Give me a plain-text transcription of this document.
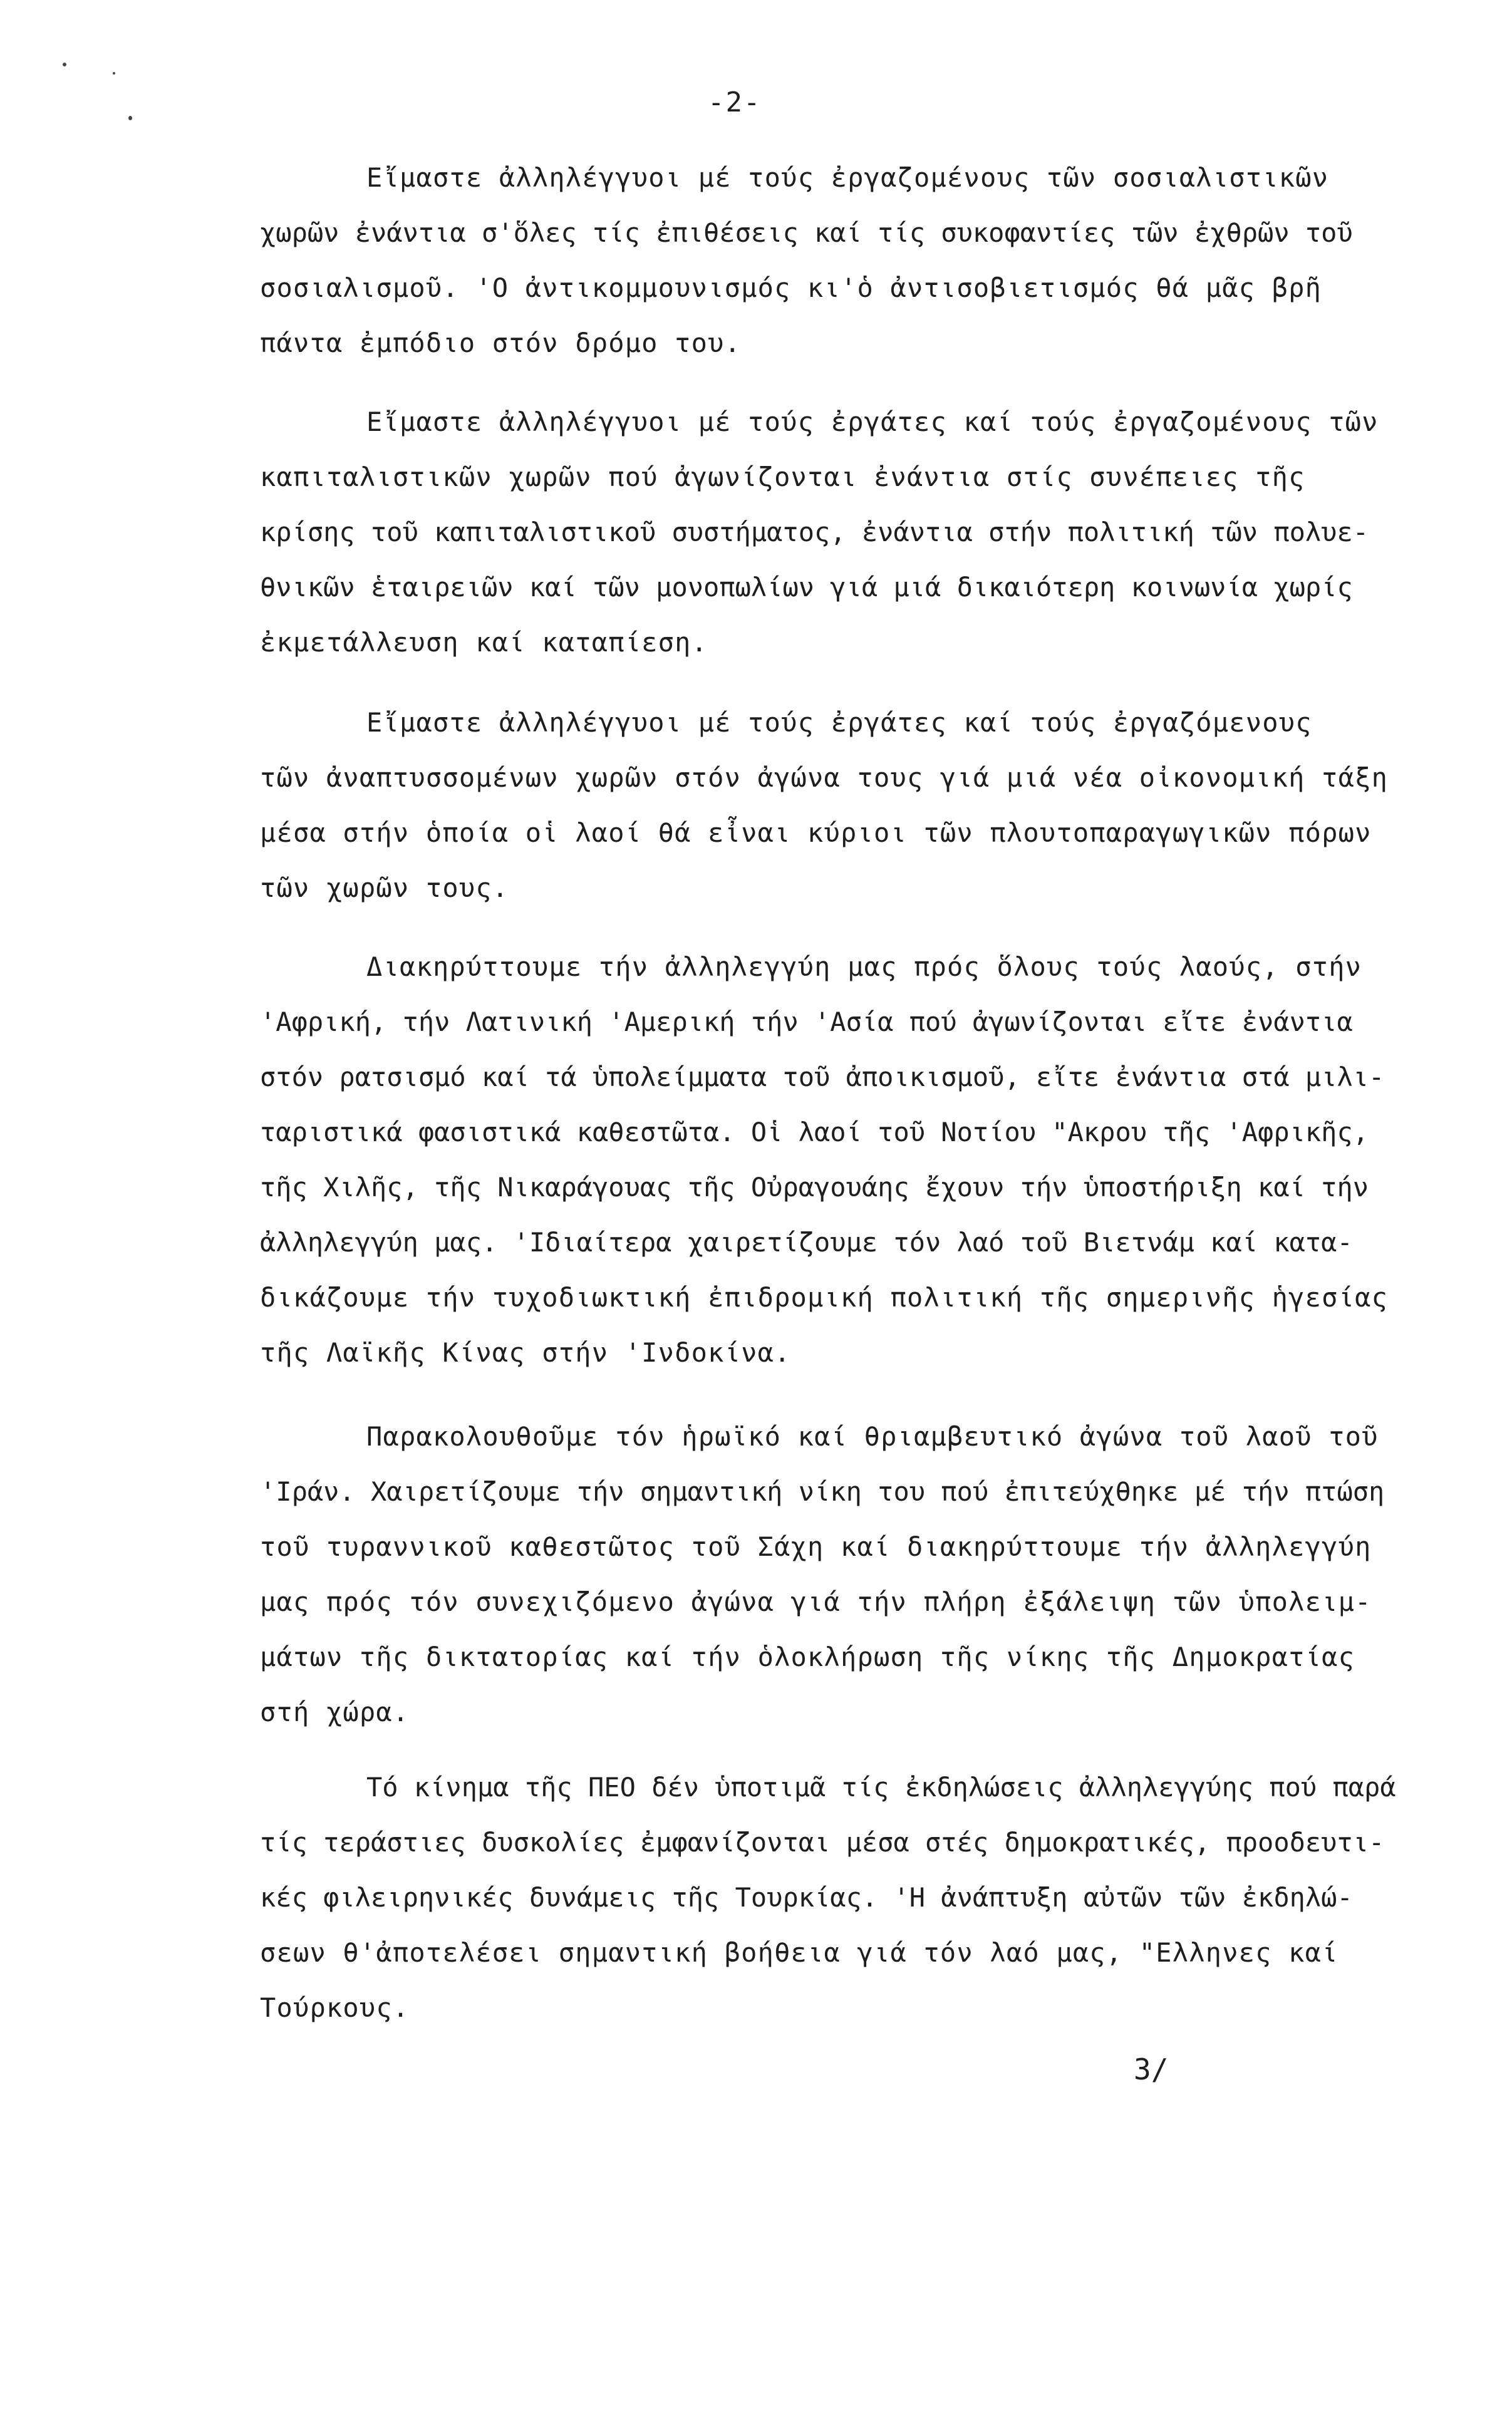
-2-
Εἴμαστε ἀλληλέγγυοι μέ τούς ἐργαζομένους τῶν σοσιαλιστικῶν
χωρῶν ἐνάντια σ'ὅλες τίς ἐπιθέσεις καί τίς συκοφαντίες τῶν ἐχθρῶν τοῦ
σοσιαλισμοῦ. 'Ο ἀντικομμουνισμός κι'ὁ ἀντισοβιετισμός θά μᾶς βρῆ
πάντα ἐμπόδιο στόν δρόμο του.
Εἴμαστε ἀλληλέγγυοι μέ τούς ἐργάτες καί τούς ἐργαζομένους τῶν
καπιταλιστικῶν χωρῶν πού ἀγωνίζονται ἐνάντια στίς συνέπειες τῆς
κρίσης τοῦ καπιταλιστικοῦ συστήματος, ἐνάντια στήν πολιτική τῶν πολυε-
θνικῶν ἑταιρειῶν καί τῶν μονοπωλίων γιά μιά δικαιότερη κοινωνία χωρίς
ἐκμετάλλευση καί καταπίεση.
Εἴμαστε ἀλληλέγγυοι μέ τούς ἐργάτες καί τούς ἐργαζόμενους
τῶν ἀναπτυσσομένων χωρῶν στόν ἀγώνα τους γιά μιά νέα οἰκονομική τάξη
μέσα στήν ὁποία οἱ λαοί θά εἶναι κύριοι τῶν πλουτοπαραγωγικῶν πόρων
τῶν χωρῶν τους.
Διακηρύττουμε τήν ἀλληλεγγύη μας πρός ὅλους τούς λαούς, στήν
'Αφρική, τήν Λατινική 'Αμερική τήν 'Ασία πού ἀγωνίζονται εἴτε ἐνάντια
στόν ρατσισμό καί τά ὑπολείμματα τοῦ ἀποικισμοῦ, εἴτε ἐνάντια στά μιλι-
ταριστικά φασιστικά καθεστῶτα. Οἱ λαοί τοῦ Νοτίου "Ακρου τῆς 'Αφρικῆς,
τῆς Χιλῆς, τῆς Νικαράγουας τῆς Οὐραγουάης ἔχουν τήν ὑποστήριξη καί τήν
ἀλληλεγγύη μας. 'Ιδιαίτερα χαιρετίζουμε τόν λαό τοῦ Βιετνάμ καί κατα-
δικάζουμε τήν τυχοδιωκτική ἐπιδρομική πολιτική τῆς σημερινῆς ἡγεσίας
τῆς Λαϊκῆς Κίνας στήν 'Ινδοκίνα.
Παρακολουθοῦμε τόν ἡρωϊκό καί θριαμβευτικό ἀγώνα τοῦ λαοῦ τοῦ
'Ιράν. Χαιρετίζουμε τήν σημαντική νίκη του πού ἐπιτεύχθηκε μέ τήν πτώση
τοῦ τυραννικοῦ καθεστῶτος τοῦ Σάχη καί διακηρύττουμε τήν ἀλληλεγγύη
μας πρός τόν συνεχιζόμενο ἀγώνα γιά τήν πλήρη ἐξάλειψη τῶν ὑπολειμ-
μάτων τῆς δικτατορίας καί τήν ὁλοκλήρωση τῆς νίκης τῆς Δημοκρατίας
στή χώρα.
Τό κίνημα τῆς ΠΕΟ δέν ὑποτιμᾶ τίς ἐκδηλώσεις ἀλληλεγγύης πού παρά
τίς τεράστιες δυσκολίες ἐμφανίζονται μέσα στές δημοκρατικές, προοδευτι-
κές φιλειρηνικές δυνάμεις τῆς Τουρκίας. 'Η ἀνάπτυξη αὐτῶν τῶν ἐκδηλώ-
σεων θ'ἀποτελέσει σημαντική βοήθεια γιά τόν λαό μας, "Ελληνες καί
Τούρκους.
3/
